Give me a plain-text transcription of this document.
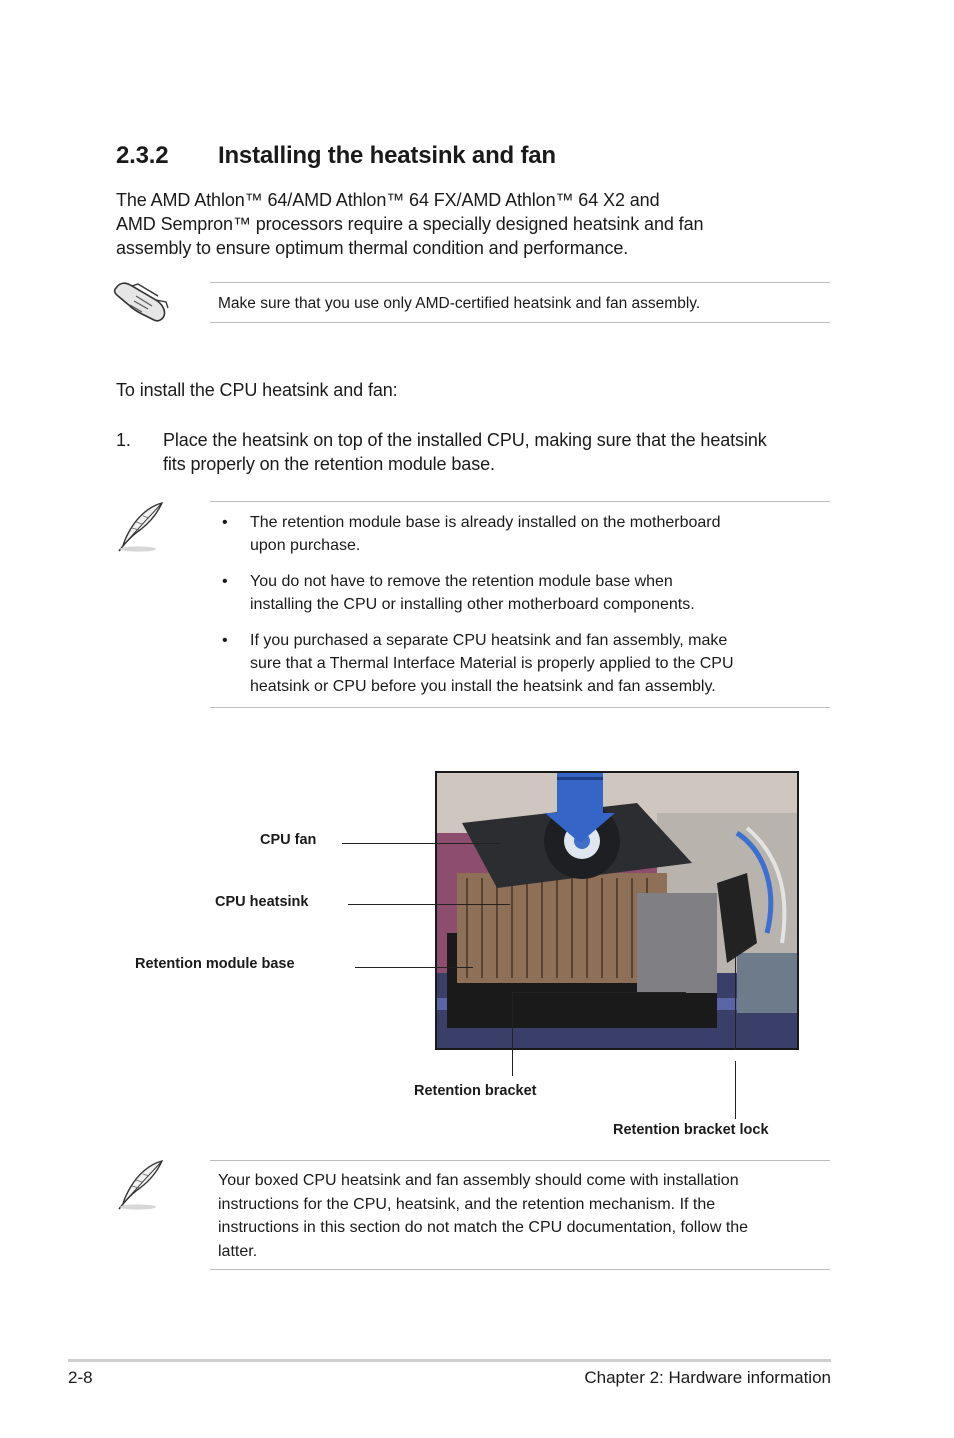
2.3.2 Installing the heatsink and fan
The AMD Athlon™ 64/AMD Athlon™ 64 FX/AMD Athlon™ 64 X2 and
AMD Sempron™ processors require a specially designed heatsink and fan
assembly to ensure optimum thermal condition and performance.
Make sure that you use only AMD-certified heatsink and fan assembly.
To install the CPU heatsink and fan:
1. Place the heatsink on top of the installed CPU, making sure that the heatsink
fits properly on the retention module base.
• The retention module base is already installed on the motherboard
upon purchase.
• You do not have to remove the retention module base when
installing the CPU or installing other motherboard components.
• If you purchased a separate CPU heatsink and fan assembly, make
sure that a Thermal Interface Material is properly applied to the CPU
heatsink or CPU before you install the heatsink and fan assembly.
CPU fan
CPU heatsink
Retention module base
Retention bracket
Retention bracket lock
Your boxed CPU heatsink and fan assembly should come with installation
instructions for the CPU, heatsink, and the retention mechanism. If the
instructions in this section do not match the CPU documentation, follow the
latter.
2-8	Chapter 2: Hardware information
